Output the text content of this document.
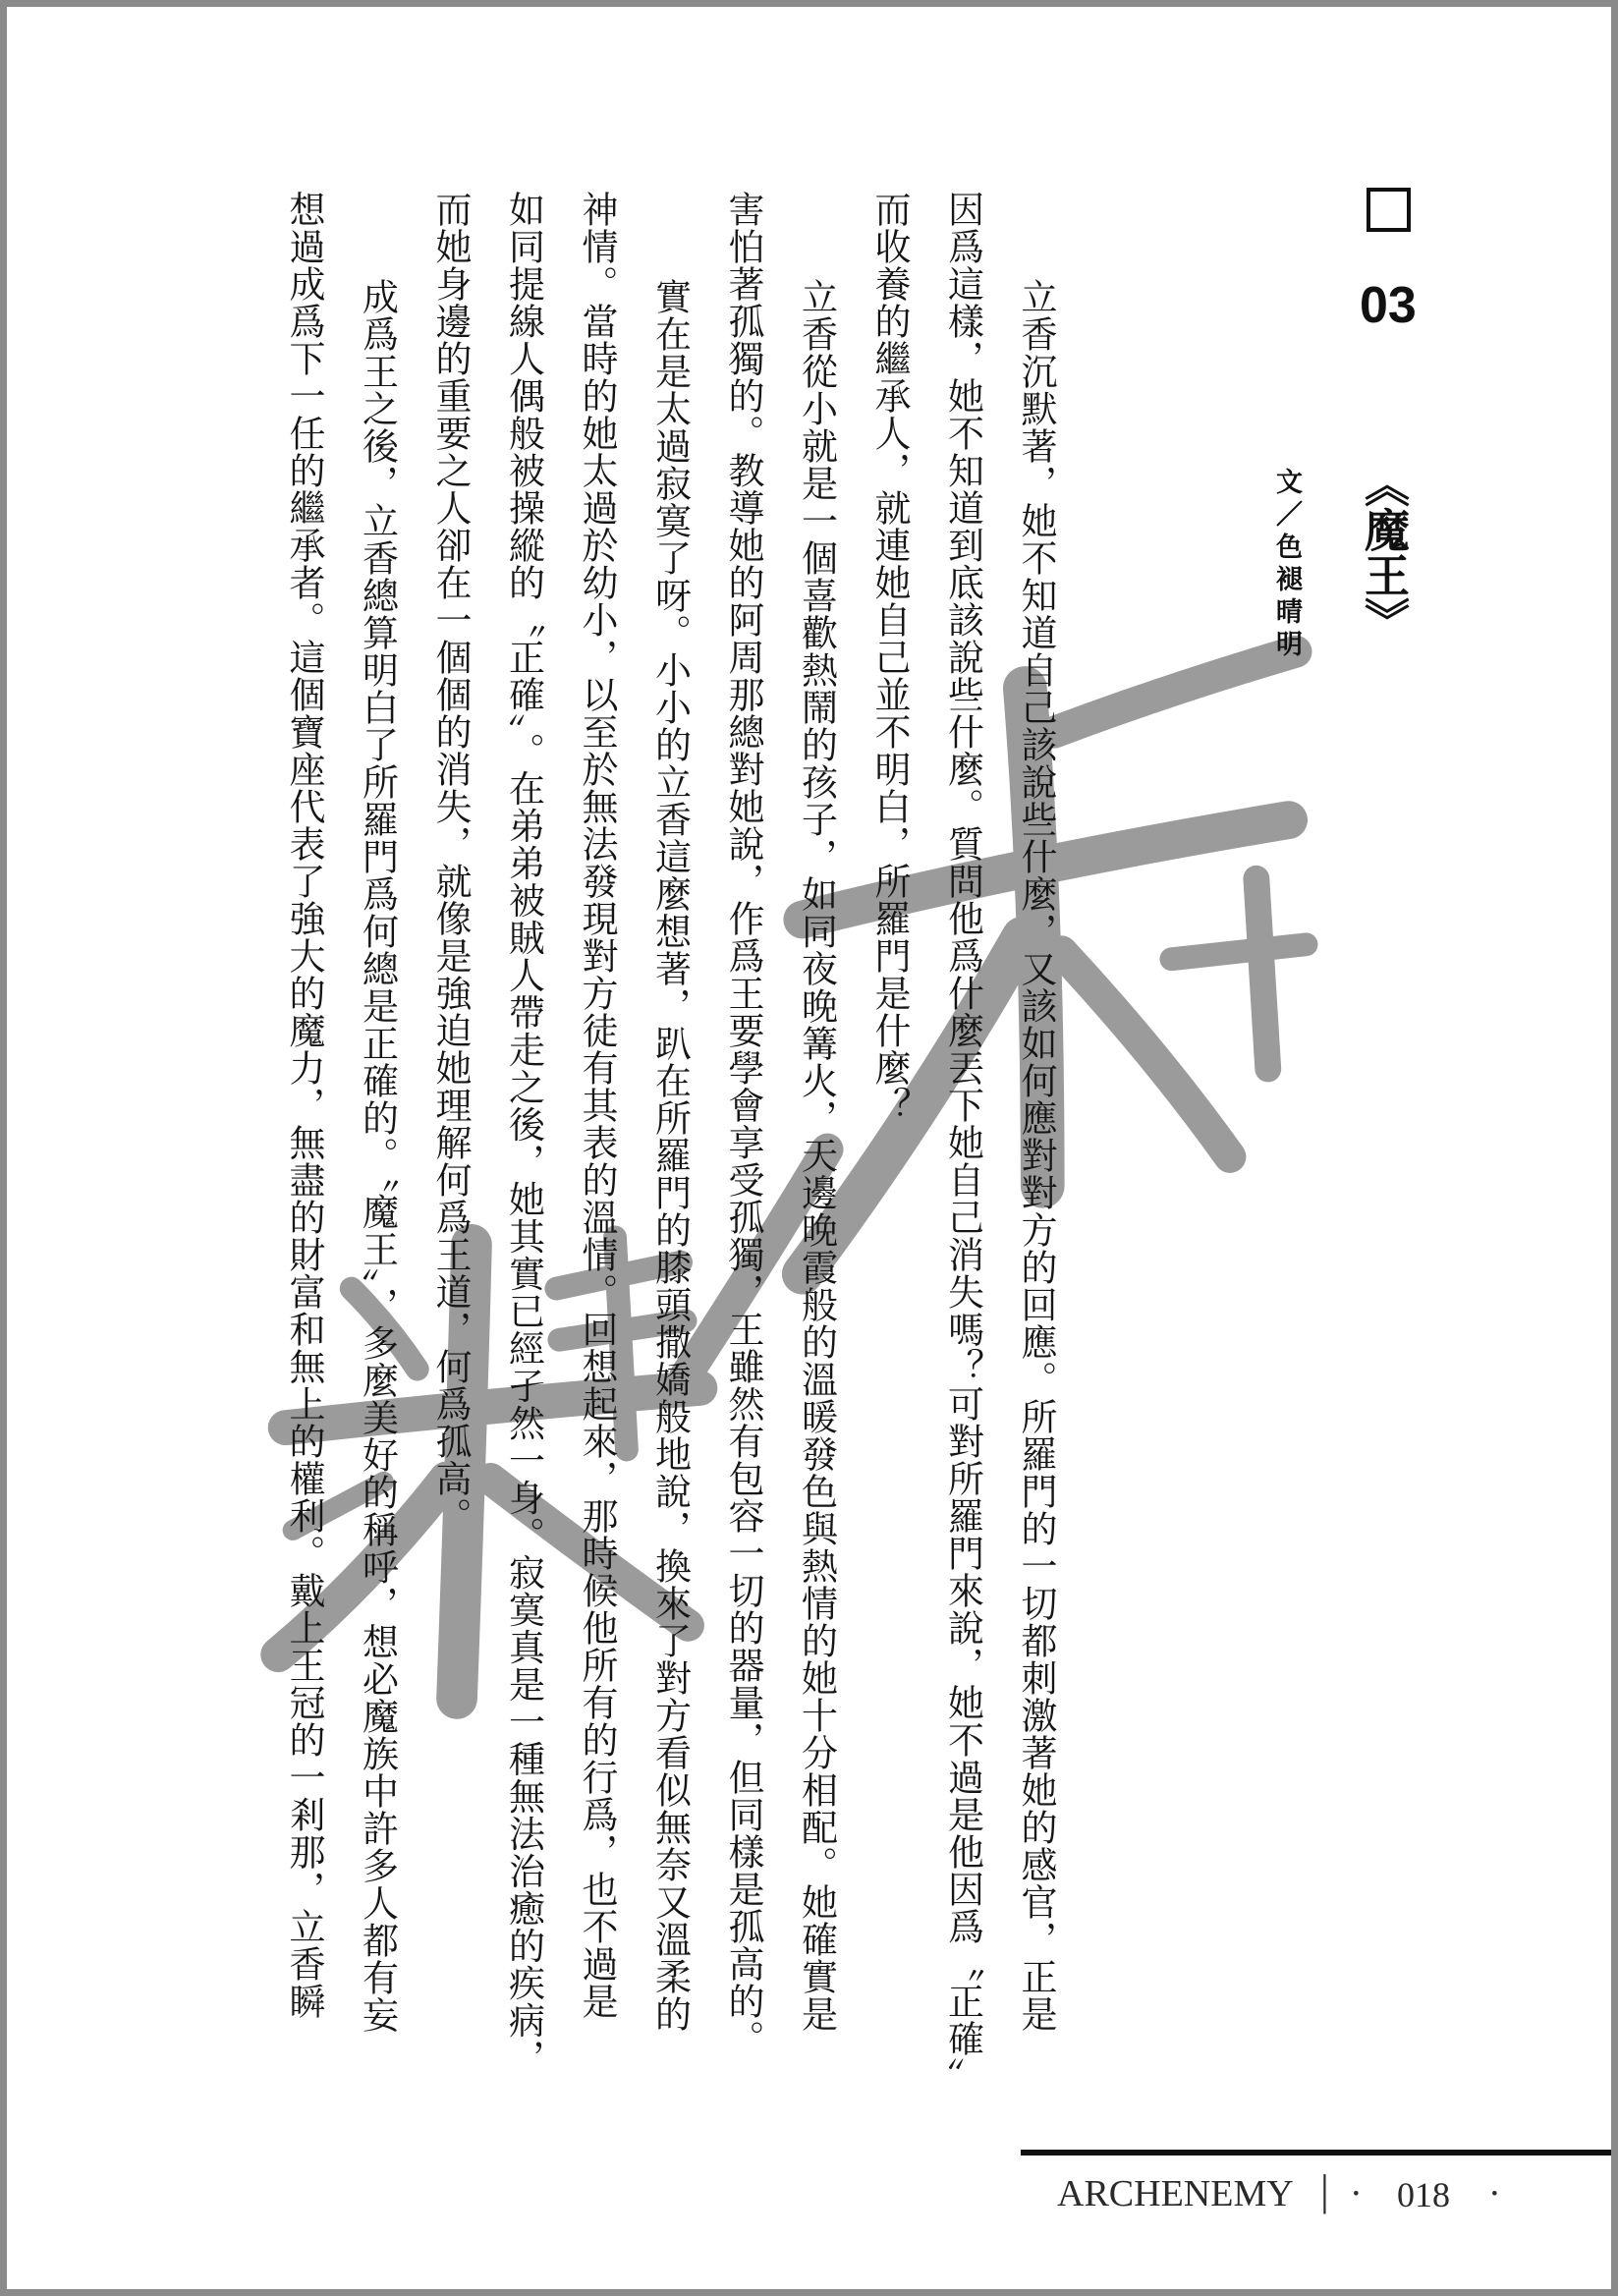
03
《魔王》
文／色褪晴明
立香沉默著，她不知道自己該說些什麼，又該如何應對對方的回應。所羅門的一切都刺激著她的感官，正是
因爲這樣，她不知道到底該說些什麼。質問他爲什麼丟下她自己消失嗎？可對所羅門來說，她不過是他因爲〝正確〞
而收養的繼承人，就連她自己並不明白，所羅門是什麼？
立香從小就是一個喜歡熱鬧的孩子，如同夜晚篝火，天邊晚霞般的溫暖發色與熱情的她十分相配。她確實是
害怕著孤獨的。教導她的阿周那總對她說，作爲王要學會享受孤獨，王雖然有包容一切的器量，但同樣是孤高的。
實在是太過寂寞了呀。小小的立香這麼想著，趴在所羅門的膝頭撒嬌般地說，換來了對方看似無奈又溫柔的
神情。當時的她太過於幼小，以至於無法發現對方徒有其表的溫情。回想起來，那時候他所有的行爲，也不過是
如同提線人偶般被操縱的〝正確〞。在弟弟被賊人帶走之後，她其實已經孑然一身。寂寞真是一種無法治癒的疾病，
而她身邊的重要之人卻在一個個的消失，就像是強迫她理解何爲王道，何爲孤高。
成爲王之後，立香總算明白了所羅門爲何總是正確的。〝魔王〞，多麼美好的稱呼，想必魔族中許多人都有妄
想過成爲下一任的繼承者。這個寶座代表了強大的魔力，無盡的財富和無上的權利。戴上王冠的一剎那，立香瞬
ARCHENEMY | · 018 ·
